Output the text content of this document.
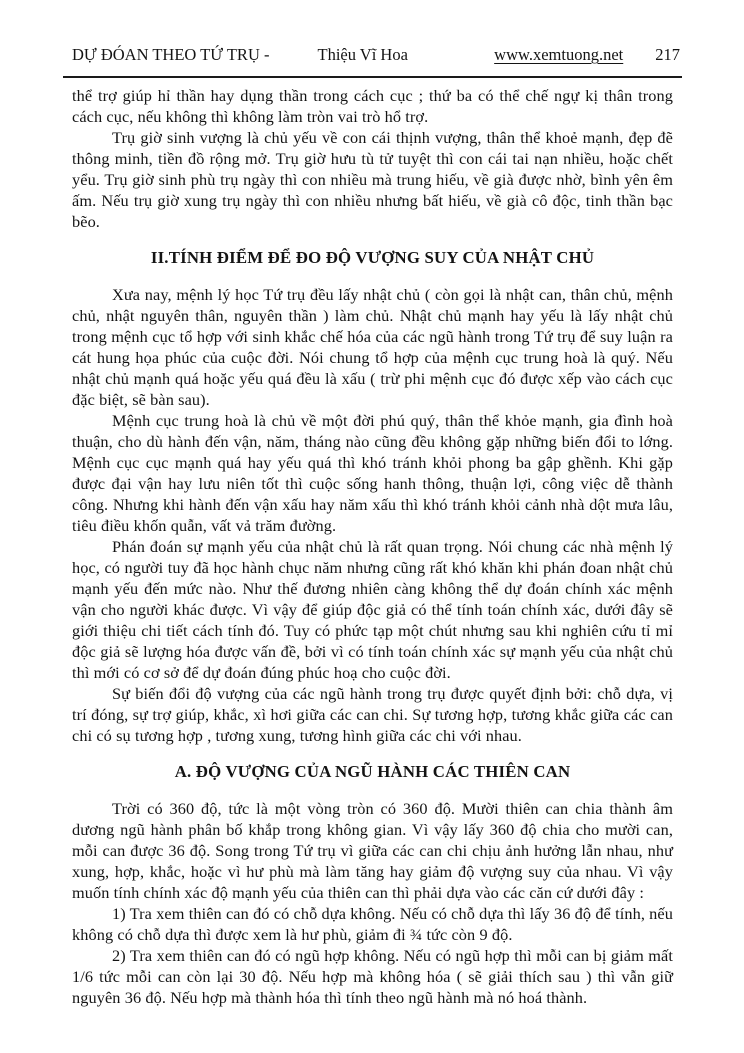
DỰ ĐÓAN THEO TỨ TRỤ -	Thiệu Vĩ Hoa	www.xemtuong.net 217

thể trợ giúp hỉ thần hay dụng thần trong cách cục ; thứ ba có thể chế ngự kị thân trong cách cục, nếu không thì không làm tròn vai trò hổ trợ.

Trụ giờ sinh vượng là chủ yếu về con cái thịnh vượng, thân thể khoẻ mạnh, đẹp đẽ thông minh, tiền đồ rộng mở. Trụ giờ hưu tù tử tuyệt thì con cái tai nạn nhiều, hoặc chết yểu. Trụ giờ sinh phù trụ ngày thì con nhiều mà trung hiếu, về già được nhờ, bình yên êm ấm. Nếu trụ giờ xung trụ ngày thì con nhiều nhưng bất hiếu, về già cô độc, tinh thần bạc bẽo.

II.TÍNH ĐIỂM ĐỂ ĐO ĐỘ VƯỢNG SUY CỦA NHẬT CHỦ

Xưa nay, mệnh lý học Tứ trụ đều lấy nhật chủ ( còn gọi là nhật can, thân chủ, mệnh chủ, nhật nguyên thân, nguyên thần ) làm chủ. Nhật chủ mạnh hay yếu là lấy nhật chủ trong mệnh cục tổ hợp với sinh khắc chế hóa của các ngũ hành trong Tứ trụ để suy luận ra cát hung họa phúc của cuộc đời. Nói chung tổ hợp của mệnh cục trung hoà là quý. Nếu nhật chủ mạnh quá hoặc yếu quá đều là xấu ( trừ phi mệnh cục đó được xếp vào cách cục đặc biệt, sẽ bàn sau).

Mệnh cục trung hoà là chủ về một đời phú quý, thân thể khỏe mạnh, gia đình hoà thuận, cho dù hành đến vận, năm, tháng nào cũng đều không gặp những biến đổi to lớng. Mệnh cục cục mạnh quá hay yếu quá thì khó tránh khỏi phong ba gập ghềnh. Khi gặp được đại vận hay lưu niên tốt thì cuộc sống hanh thông, thuận lợi, công việc dễ thành công. Nhưng khi hành đến vận xấu hay năm xấu thì khó tránh khỏi cảnh nhà dột mưa lâu, tiêu điều khốn quẫn, vất vả trăm đường.

Phán đoán sự mạnh yếu của nhật chủ là rất quan trọng. Nói chung các nhà mệnh lý học, có người tuy đã học hành chục năm nhưng cũng rất khó khăn khi phán đoan nhật chủ mạnh yếu đến mức nào. Như thế đương nhiên càng không thể dự đoán chính xác mệnh vận cho người khác được. Vì vậy để giúp độc giả có thể tính toán chính xác, dưới đây sẽ giới thiệu chi tiết cách tính đó. Tuy có phức tạp một chút nhưng sau khi nghiên cứu tỉ mỉ độc giả sẽ lượng hóa được vấn đề, bởi vì có tính toán chính xác sự mạnh yếu của nhật chủ thì mới có cơ sở để dự đoán đúng phúc hoạ cho cuộc đời.

Sự biến đổi độ vượng của các ngũ hành trong trụ được quyết định bởi: chỗ dựa, vị trí đóng, sự trợ giúp, khắc, xì hơi giữa các can chi. Sự tương hợp, tương khắc giữa các can chi có sụ tương hợp , tương xung, tương hình giữa các chi với nhau.

A. ĐỘ VƯỢNG CỦA NGŨ HÀNH CÁC THIÊN CAN

Trời có 360 độ, tức là một vòng tròn có 360 độ. Mười thiên can chia thành âm dương ngũ hành phân bố khắp trong không gian. Vì vậy lấy 360 độ chia cho mười can, mỗi can được 36 độ. Song trong Tứ trụ vì giữa các can chi chịu ảnh hưởng lẫn nhau, như xung, hợp, khắc, hoặc vì hư phù mà làm tăng hay giảm độ vượng suy của nhau. Vì vậy muốn tính chính xác độ mạnh yếu của thiên can thì phải dựa vào các căn cứ dưới đây :

1) Tra xem thiên can đó có chỗ dựa không. Nếu có chỗ dựa thì lấy 36 độ để tính, nếu không có chỗ dựa thì được xem là hư phù, giảm đi ¾ tức còn 9 độ.

2) Tra xem thiên can đó có ngũ hợp không. Nếu có ngũ hợp thì mỗi can bị giảm mất 1/6 tức mỗi can còn lại 30 độ. Nếu hợp mà không hóa ( sẽ giải thích sau ) thì vẫn giữ nguyên 36 độ. Nếu hợp mà thành hóa thì tính theo ngũ hành mà nó hoá thành.
